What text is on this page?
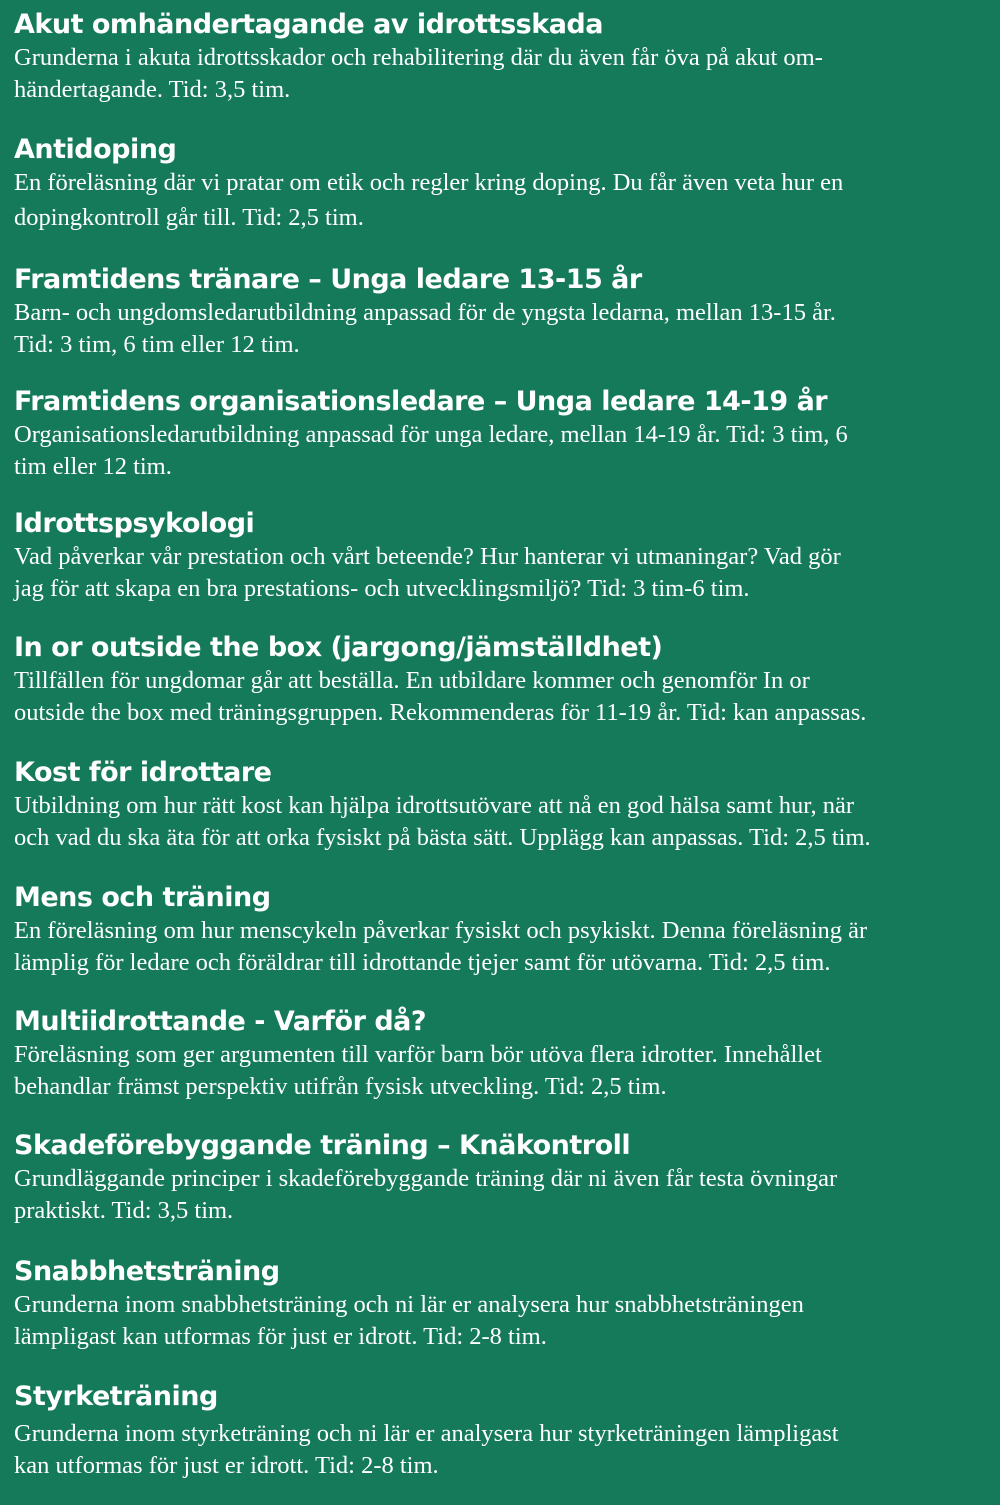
Akut omhändertagande av idrottsskada

Grunderna i akuta idrottsskador och rehabilitering där du även får öva på akut om-

händertagande. Tid: 3,5 tim.

Antidoping

En föreläsning där vi pratar om etik och regler kring doping. Du får även veta hur en

dopingkontroll går till. Tid: 2,5 tim.

Framtidens tränare – Unga ledare 13-15 år

Barn- och ungdomsledarutbildning anpassad för de yngsta ledarna, mellan 13-15 år.

Tid: 3 tim, 6 tim eller 12 tim.

Framtidens organisationsledare – Unga ledare 14-19 år

Organisationsledarutbildning anpassad för unga ledare, mellan 14-19 år. Tid: 3 tim, 6

tim eller 12 tim.

Idrottspsykologi

Vad påverkar vår prestation och vårt beteende? Hur hanterar vi utmaningar? Vad gör

jag för att skapa en bra prestations- och utvecklingsmiljö? Tid: 3 tim-6 tim.

In or outside the box (jargong/jämställdhet)

Tillfällen för ungdomar går att beställa. En utbildare kommer och genomför In or

outside the box med träningsgruppen. Rekommenderas för 11-19 år. Tid: kan anpassas.

Kost för idrottare

Utbildning om hur rätt kost kan hjälpa idrottsutövare att nå en god hälsa samt hur, när

och vad du ska äta för att orka fysiskt på bästa sätt. Upplägg kan anpassas. Tid: 2,5 tim.

Mens och träning

En föreläsning om hur menscykeln påverkar fysiskt och psykiskt. Denna föreläsning är

lämplig för ledare och föräldrar till idrottande tjejer samt för utövarna. Tid: 2,5 tim.

Multiidrottande - Varför då?

Föreläsning som ger argumenten till varför barn bör utöva flera idrotter. Innehållet

behandlar främst perspektiv utifrån fysisk utveckling. Tid: 2,5 tim.

Skadeförebyggande träning – Knäkontroll

Grundläggande principer i skadeförebyggande träning där ni även får testa övningar

praktiskt. Tid: 3,5 tim.

Snabbhetsträning

Grunderna inom snabbhetsträning och ni lär er analysera hur snabbhetsträningen

lämpligast kan utformas för just er idrott. Tid: 2-8 tim.

Styrketräning

Grunderna inom styrketräning och ni lär er analysera hur styrketräningen lämpligast

kan utformas för just er idrott. Tid: 2-8 tim.
